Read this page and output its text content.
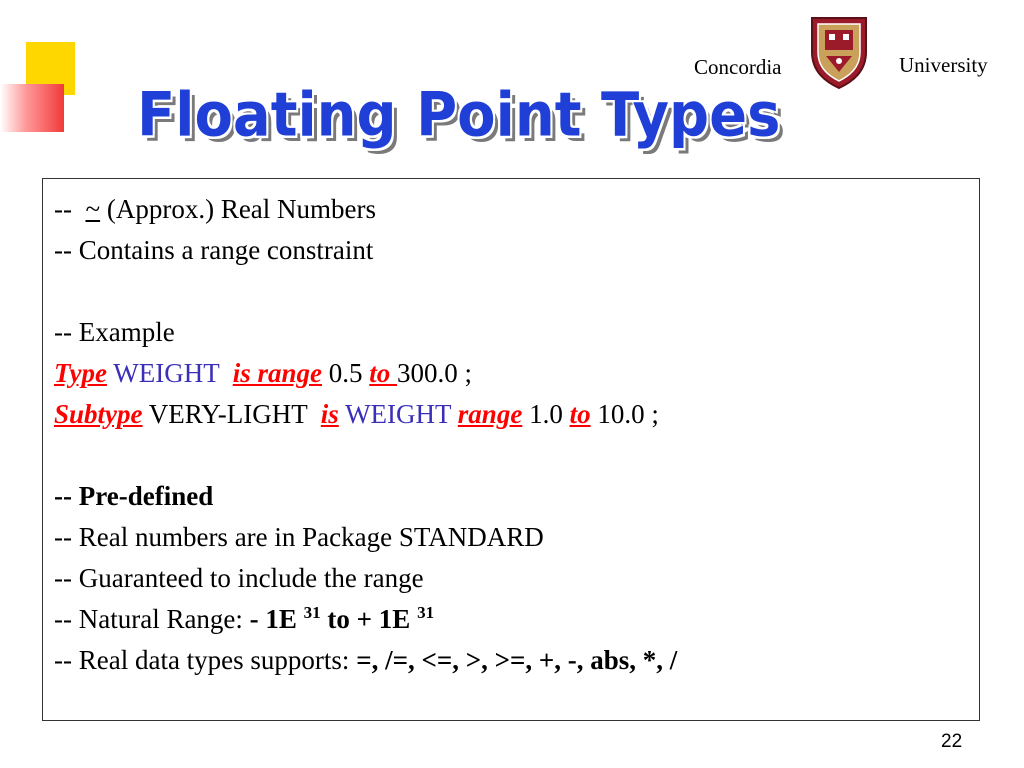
Concordia	University
Floating Point Types
--  ~ (Approx.) Real Numbers
-- Contains a range constraint
-- Example
Type WEIGHT is range 0.5 to 300.0 ;
Subtype VERY-LIGHT is WEIGHT range 1.0 to 10.0 ;
-- Pre-defined
-- Real numbers are in Package STANDARD
-- Guaranteed to include the range
-- Natural Range: - 1E $^{31}$ to + 1E $^{31}$
-- Real data types supports: =, /=, <=, >, >=, +, -, abs, *, /
22
